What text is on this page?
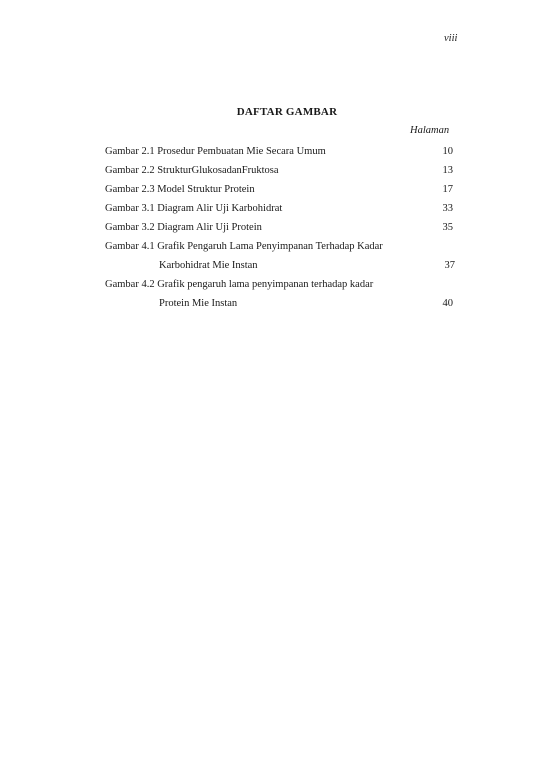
viii
DAFTAR GAMBAR
Halaman
Gambar 2.1 Prosedur Pembuatan Mie Secara Umum	10
Gambar 2.2 StrukturGlukosadanFruktosa	13
Gambar 2.3 Model Struktur Protein	17
Gambar 3.1 Diagram Alir Uji Karbohidrat	33
Gambar 3.2 Diagram Alir Uji Protein	35
Gambar 4.1 Grafik Pengaruh Lama Penyimpanan Terhadap Kadar
Karbohidrat Mie Instan	37
Gambar 4.2 Grafik pengaruh lama penyimpanan terhadap kadar
Protein Mie Instan	40
